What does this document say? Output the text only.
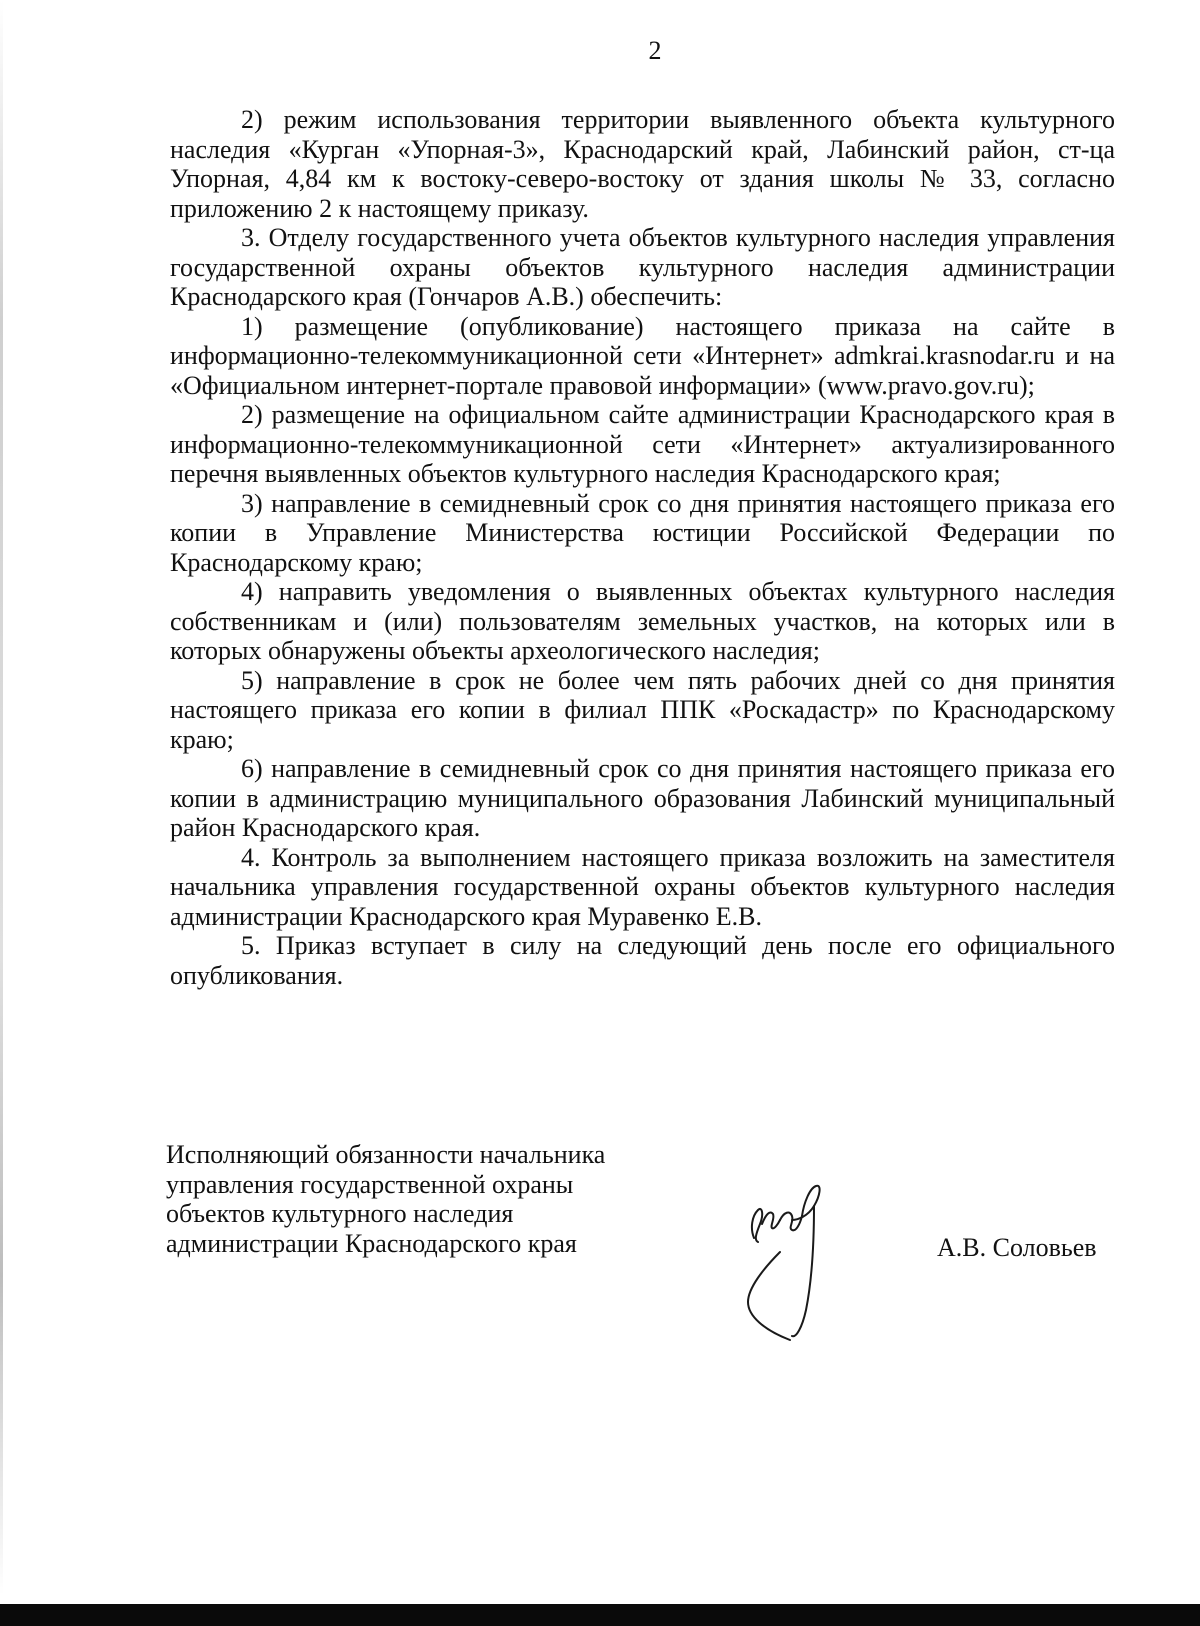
2

2) режим использования территории выявленного объекта культурного наследия «Курган «Упорная-3», Краснодарский край, Лабинский район, ст-ца Упорная, 4,84 км к востоку-северо-востоку от здания школы № 33, согласно приложению 2 к настоящему приказу.

3. Отделу государственного учета объектов культурного наследия управления государственной охраны объектов культурного наследия администрации Краснодарского края (Гончаров А.В.) обеспечить:

1) размещение (опубликование) настоящего приказа на сайте в информационно-телекоммуникационной сети «Интернет» admkrai.krasnodar.ru и на «Официальном интернет-портале правовой информации» (www.pravo.gov.ru);

2) размещение на официальном сайте администрации Краснодарского края в информационно-телекоммуникационной сети «Интернет» актуализированного перечня выявленных объектов культурного наследия Краснодарского края;

3) направление в семидневный срок со дня принятия настоящего приказа его копии в Управление Министерства юстиции Российской Федерации по Краснодарскому краю;

4) направить уведомления о выявленных объектах культурного наследия собственникам и (или) пользователям земельных участков, на которых или в которых обнаружены объекты археологического наследия;

5) направление в срок не более чем пять рабочих дней со дня принятия настоящего приказа его копии в филиал ППК «Роскадастр» по Краснодарскому краю;

6) направление в семидневный срок со дня принятия настоящего приказа его копии в администрацию муниципального образования Лабинский муниципальный район Краснодарского края.

4. Контроль за выполнением настоящего приказа возложить на заместителя начальника управления государственной охраны объектов культурного наследия администрации Краснодарского края Муравенко Е.В.

5. Приказ вступает в силу на следующий день после его официального опубликования.

Исполняющий обязанности начальника
управления государственной охраны
объектов культурного наследия
администрации Краснодарского края	А.В. Соловьев
